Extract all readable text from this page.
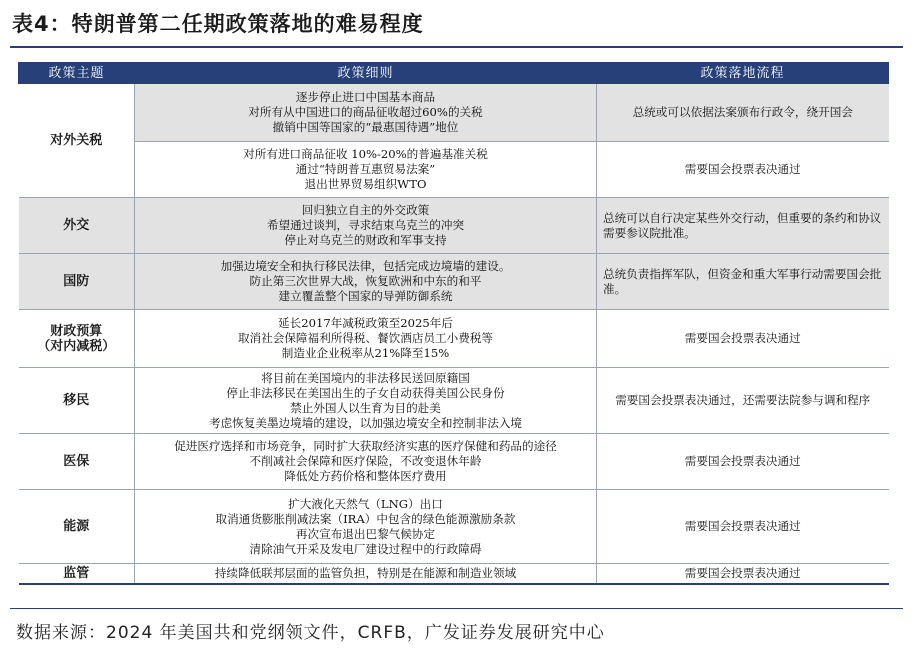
表4：特朗普第二任期政策落地的难易程度
政策主题	政策细则	政策落地流程
对外关税	逐步停止进口中国基本商品
对所有从中国进口的商品征收超过60%的关税
撤销中国等国家的“最惠国待遇”地位	总统或可以依据法案颁布行政令，绕开国会

	对所有进口商品征收 10%-20%的普遍基准关税
通过“特朗普互惠贸易法案”
退出世界贸易组织WTO	需要国会投票表决通过
外交	回归独立自主的外交政策
希望通过谈判，寻求结束乌克兰的冲突
停止对乌克兰的财政和军事支持	总统可以自行决定某些外交行动，但重要的条约和协议需要参议院批准。
国防	加强边境安全和执行移民法律，包括完成边境墙的建设。
防止第三次世界大战，恢复欧洲和中东的和平
建立覆盖整个国家的导弹防御系统	总统负责指挥军队，但资金和重大军事行动需要国会批准。

财政预算
（对内减税）	延长2017年减税政策至2025年后
取消社会保障福利所得税、餐饮酒店员工小费税等
制造业企业税率从21%降至15%	需要国会投票表决通过
移民	将目前在美国境内的非法移民送回原籍国
停止非法移民在美国出生的子女自动获得美国公民身份
禁止外国人以生育为目的赴美
考虑恢复美墨边境墙的建设，以加强边境安全和控制非法入境	需要国会投票表决通过，还需要法院参与调和程序
医保	促进医疗选择和市场竞争，同时扩大获取经济实惠的医疗保健和药品的途径
不削减社会保障和医疗保险，不改变退休年龄
降低处方药价格和整体医疗费用	需要国会投票表决通过
能源	扩大液化天然气（LNG）出口
取消通货膨胀削减法案（IRA）中包含的绿色能源激励条款
再次宣布退出巴黎气候协定
清除油气开采及发电厂建设过程中的行政障碍	需要国会投票表决通过
监管	持续降低联邦层面的监管负担，特别是在能源和制造业领域	需要国会投票表决通过
数据来源：2024 年美国共和党纲领文件，CRFB，广发证券发展研究中心
